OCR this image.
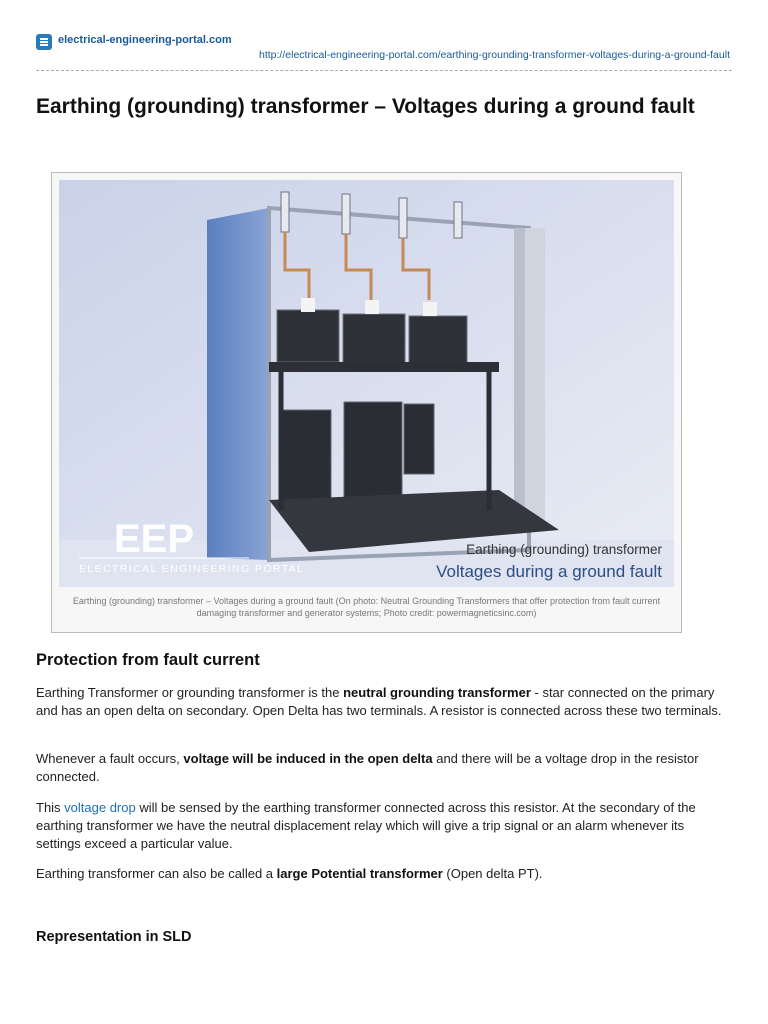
electrical-engineering-portal.com
http://electrical-engineering-portal.com/earthing-grounding-transformer-voltages-during-a-ground-fault
Earthing (grounding) transformer – Voltages during a ground fault
EEP
ELECTRICAL ENGINEERING PORTAL
Earthing (grounding) transformer
Voltages during a ground fault
Earthing (grounding) transformer – Voltages during a ground fault (On photo: Neutral Grounding Transformers that offer protection from fault current damaging transformer and generator systems; Photo credit: powermagneticsinc.com)
Protection from fault current

Earthing Transformer or grounding transformer is the neutral grounding transformer - star connected on the primary and has an open delta on secondary. Open Delta has two terminals. A resistor is connected across these two terminals.

Whenever a fault occurs, voltage will be induced in the open delta and there will be a voltage drop in the resistor connected.

This voltage drop will be sensed by the earthing transformer connected across this resistor. At the secondary of the earthing transformer we have the neutral displacement relay which will give a trip signal or an alarm whenever its settings exceed a particular value.

Earthing transformer can also be called a large Potential transformer (Open delta PT).

Representation in SLD
